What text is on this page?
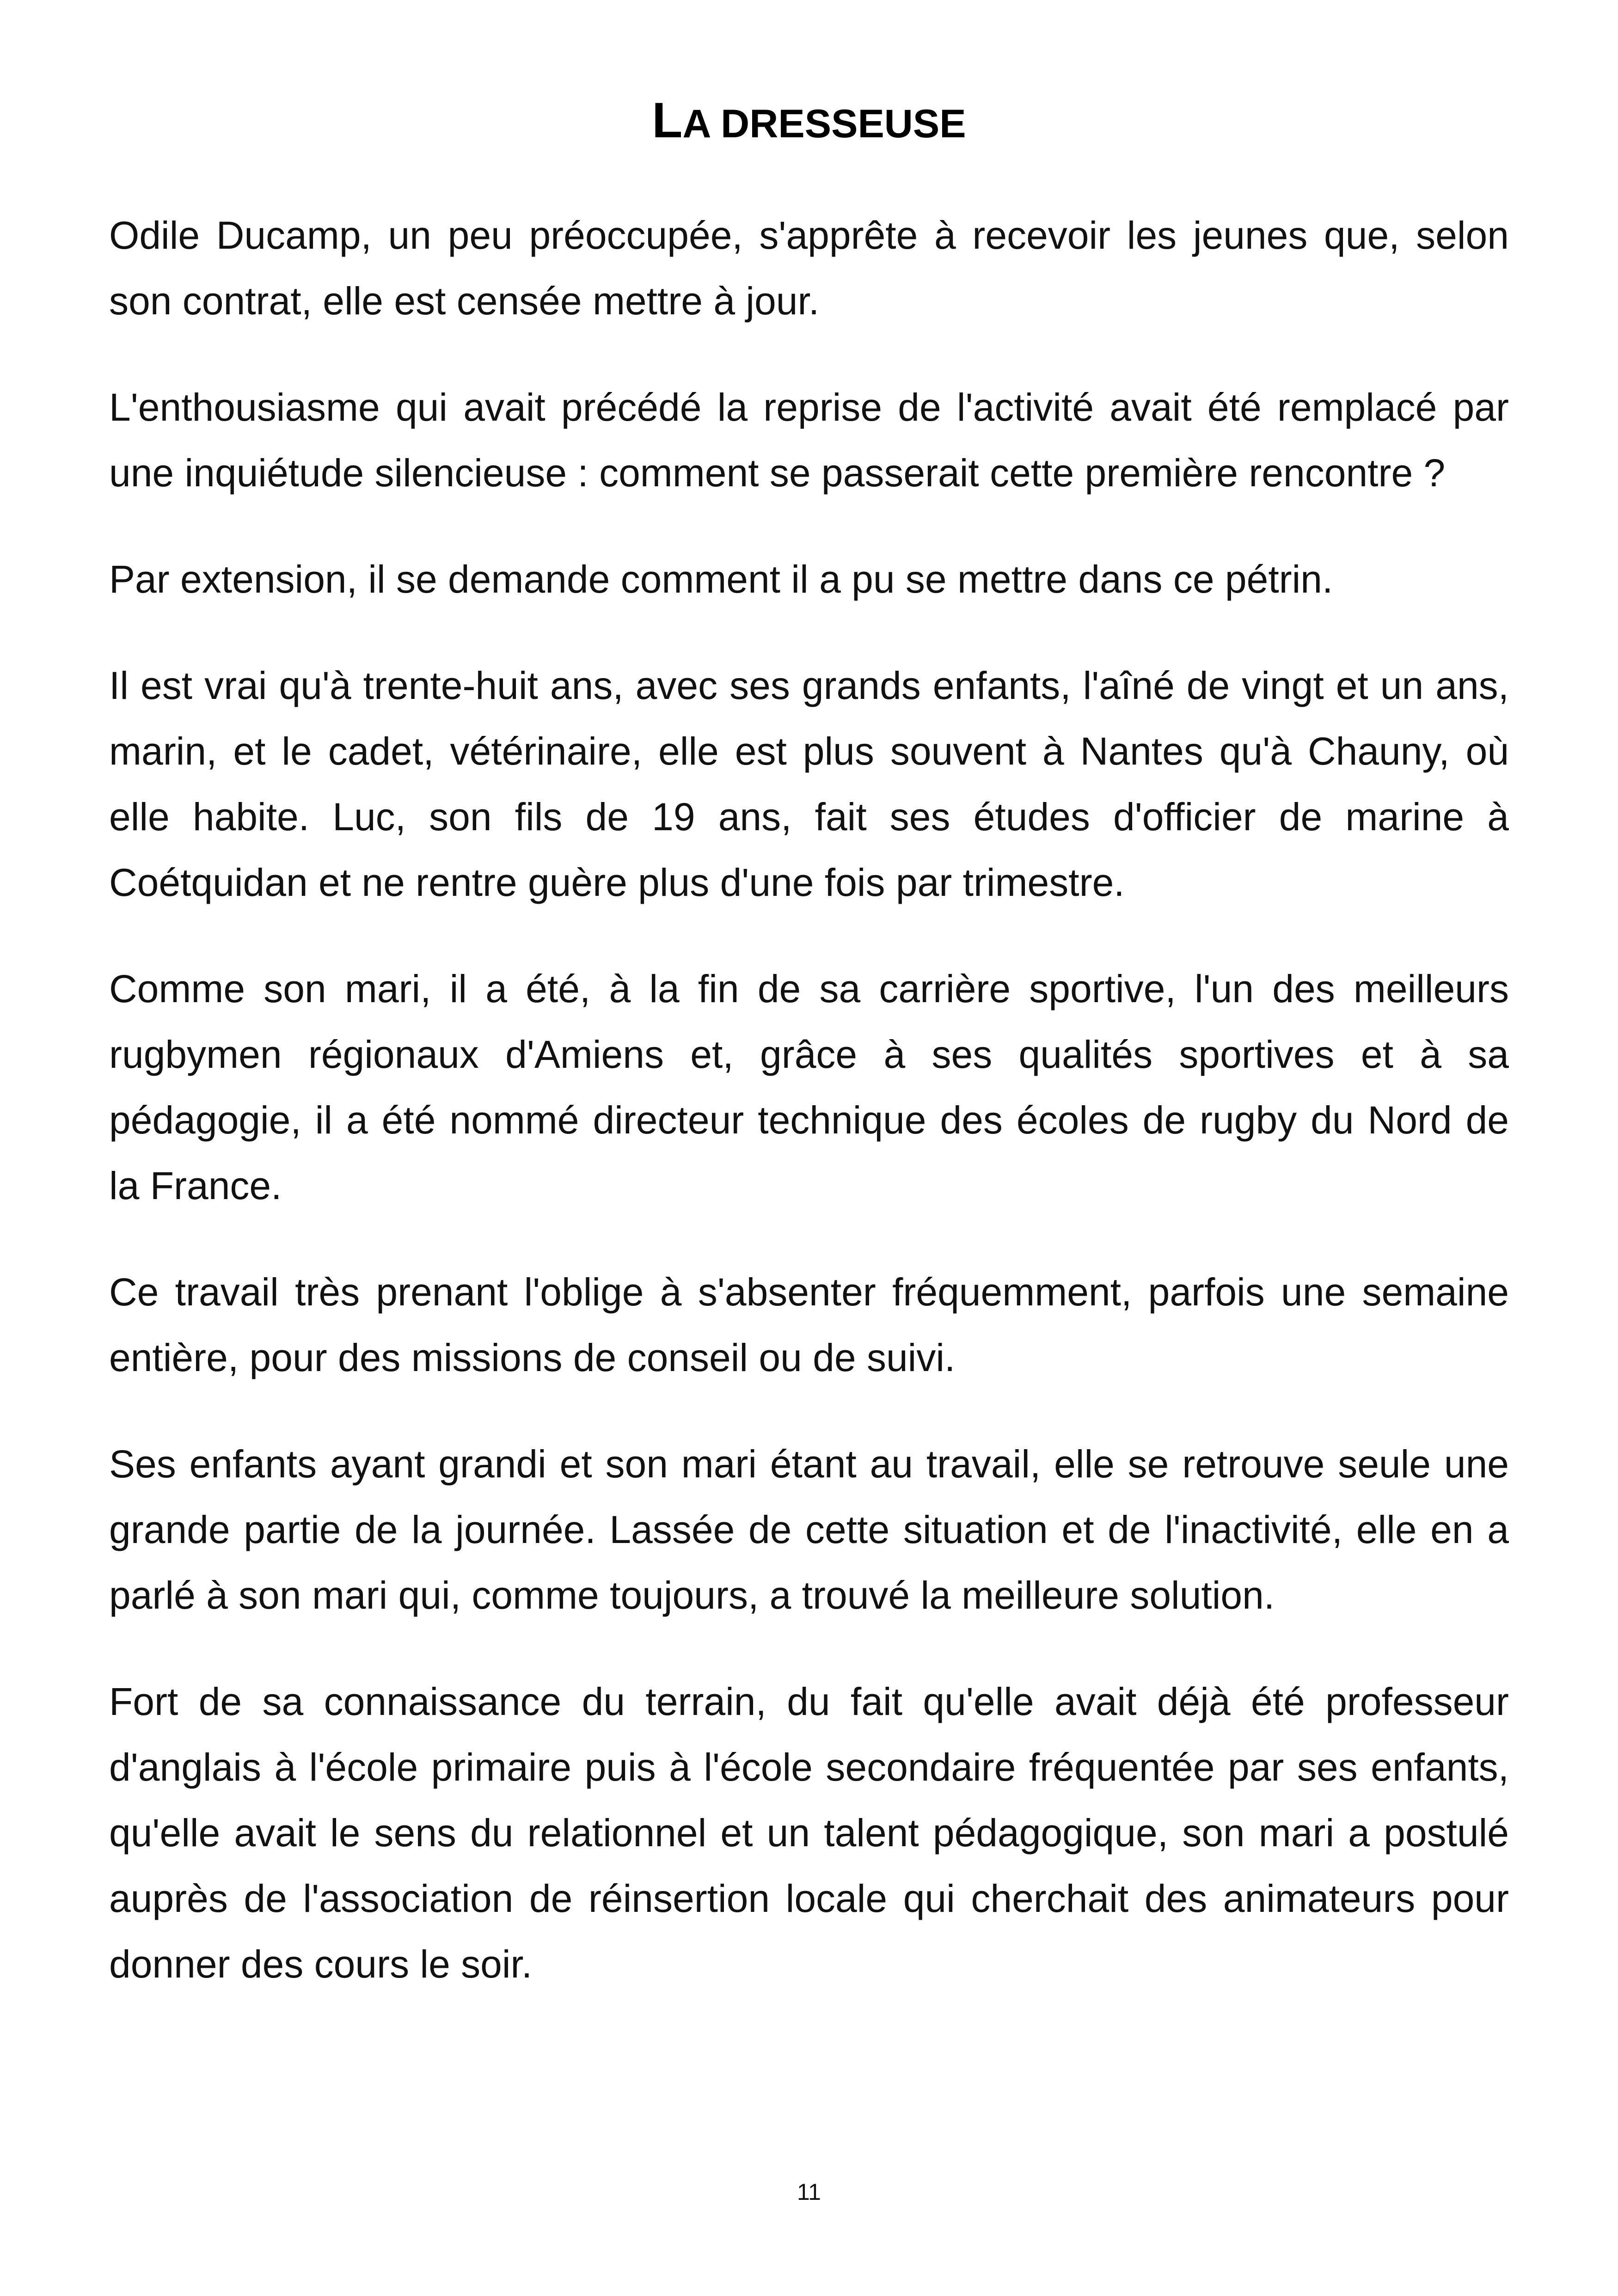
LA DRESSEUSE

Odile Ducamp, un peu préoccupée, s'apprête à recevoir les jeunes que, selon son contrat, elle est censée mettre à jour.

L'enthousiasme qui avait précédé la reprise de l'activité avait été remplacé par une inquiétude silencieuse : comment se passerait cette première rencontre ?

Par extension, il se demande comment il a pu se mettre dans ce pétrin.

Il est vrai qu'à trente-huit ans, avec ses grands enfants, l'aîné de vingt et un ans, marin, et le cadet, vétérinaire, elle est plus souvent à Nantes qu'à Chauny, où elle habite. Luc, son fils de 19 ans, fait ses études d'officier de marine à Coétquidan et ne rentre guère plus d'une fois par trimestre.

Comme son mari, il a été, à la fin de sa carrière sportive, l'un des meilleurs rugbymen régionaux d'Amiens et, grâce à ses qualités sportives et à sa pédagogie, il a été nommé directeur technique des écoles de rugby du Nord de la France.

Ce travail très prenant l'oblige à s'absenter fréquemment, parfois une semaine entière, pour des missions de conseil ou de suivi.

Ses enfants ayant grandi et son mari étant au travail, elle se retrouve seule une grande partie de la journée. Lassée de cette situation et de l'inactivité, elle en a parlé à son mari qui, comme toujours, a trouvé la meilleure solution.

Fort de sa connaissance du terrain, du fait qu'elle avait déjà été professeur d'anglais à l'école primaire puis à l'école secondaire fréquentée par ses enfants, qu'elle avait le sens du relationnel et un talent pédagogique, son mari a postulé auprès de l'association de réinsertion locale qui cherchait des animateurs pour donner des cours le soir.

11
